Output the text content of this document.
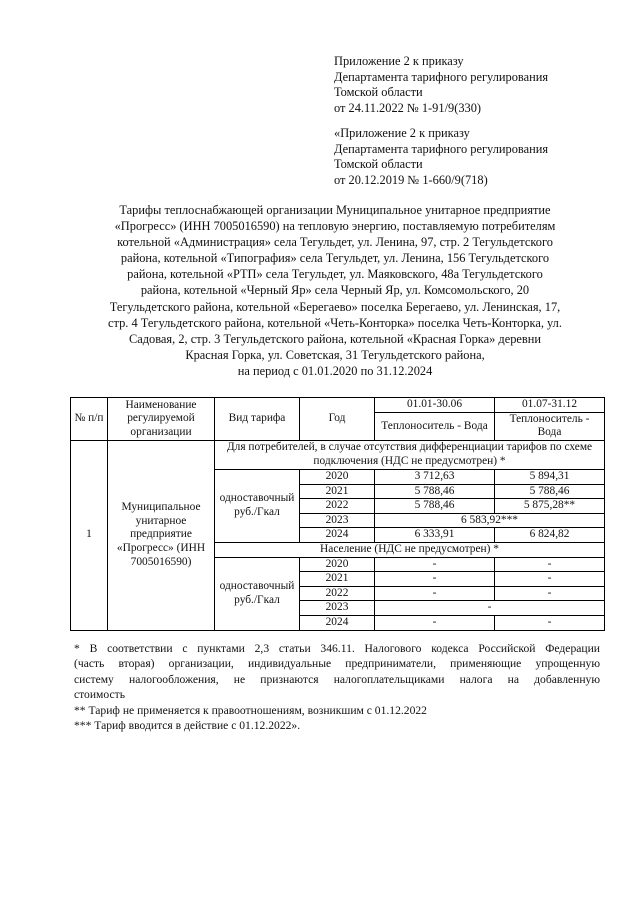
Приложение 2 к приказу
Департамента тарифного регулирования
Томской области
от 24.11.2022 № 1-91/9(330)
«Приложение 2 к приказу
Департамента тарифного регулирования
Томской области
от 20.12.2019 № 1-660/9(718)
Тарифы теплоснабжающей организации Муниципальное унитарное предприятие
«Прогресс» (ИНН 7005016590) на тепловую энергию, поставляемую потребителям
котельной «Администрация» села Тегульдет, ул. Ленина, 97, стр. 2 Тегульдетского
района, котельной «Типография» села Тегульдет, ул. Ленина, 156 Тегульдетского
района, котельной «РТП» села Тегульдет, ул. Маяковского, 48а Тегульдетского
района, котельной «Черный Яр» села Черный Яр, ул. Комсомольского, 20
Тегульдетского района, котельной «Берегаево» поселка Берегаево, ул. Ленинская, 17,
стр. 4 Тегульдетского района, котельной «Четь-Конторка» поселка Четь-Конторка, ул.
Садовая, 2, стр. 3 Тегульдетского района, котельной «Красная Горка» деревни
Красная Горка, ул. Советская, 31 Тегульдетского района,
на период с 01.01.2020 по 31.12.2024
№ п/п	Наименование регулируемой организации	Вид тарифа	Год	01.01-30.06	01.07-31.12
				Теплоноситель - Вода	Теплоноситель - Вода
1	Муниципальное унитарное предприятие «Прогресс» (ИНН 7005016590)	Для потребителей, в случае отсутствия дифференциации тарифов по схеме подключения (НДС не предусмотрен) *			
		одноставочный руб./Гкал	2020	3 712,63	5 894,31
			2021	5 788,46	5 788,46
			2022	5 788,46	5 875,28**
			2023	6 583,92***	
			2024	6 333,91	6 824,82
		Население (НДС не предусмотрен) *			
		одноставочный руб./Гкал	2020	-	-
			2021	-	-
			2022	-	-
			2023	-	
			2024	-	-
* В соответствии с пунктами 2,3 статьи 346.11. Налогового кодекса Российской Федерации
(часть вторая) организации, индивидуальные предприниматели, применяющие упрощенную
систему налогообложения, не признаются налогоплательщиками налога на добавленную
стоимость
** Тариф не применяется к правоотношениям, возникшим с 01.12.2022
*** Тариф вводится в действие с 01.12.2022».
